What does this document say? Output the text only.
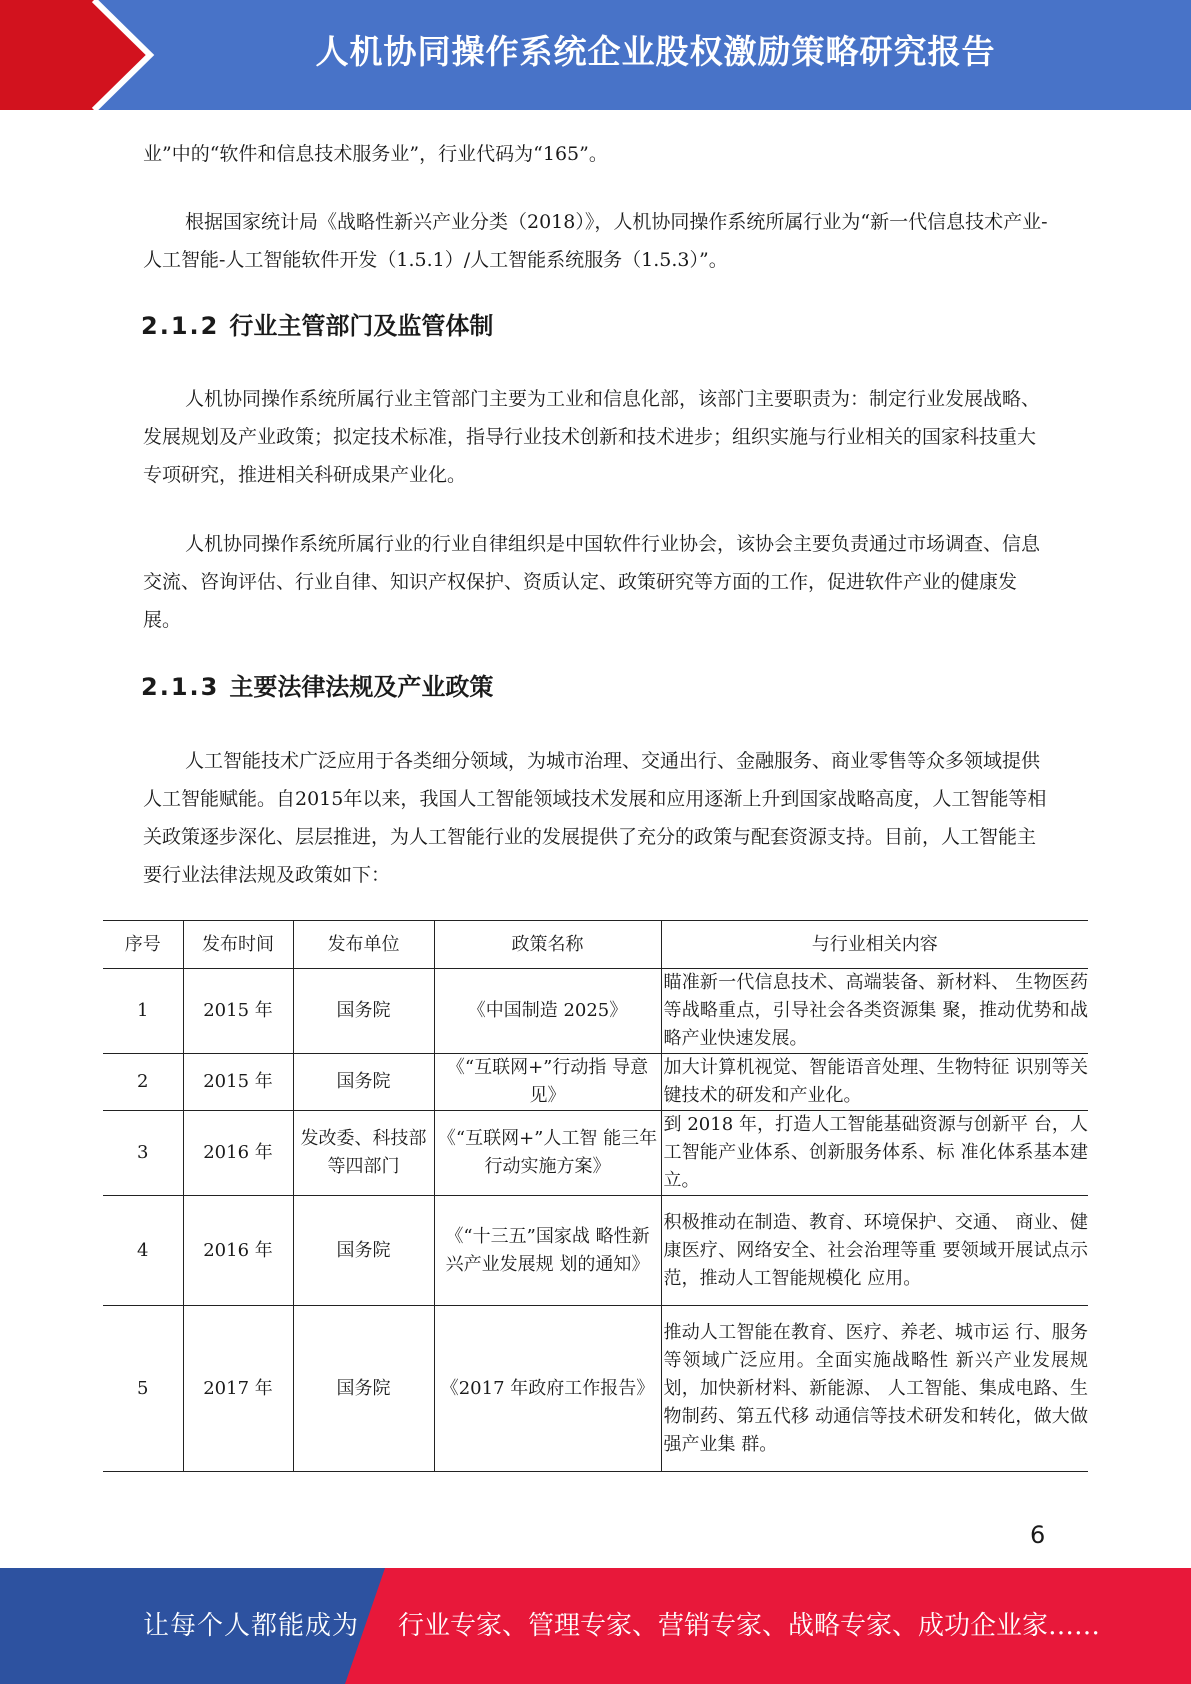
人机协同操作系统企业股权激励策略研究报告

业”中的“软件和信息技术服务业”，行业代码为“165”。

根据国家统计局《战略性新兴产业分类（2018）》，人机协同操作系统所属行业为“新一代信息技术产业-人工智能-人工智能软件开发（1.5.1）/人工智能系统服务（1.5.3）”。

2.1.2 行业主管部门及监管体制

人机协同操作系统所属行业主管部门主要为工业和信息化部，该部门主要职责为：制定行业发展战略、发展规划及产业政策；拟定技术标准，指导行业技术创新和技术进步；组织实施与行业相关的国家科技重大专项研究，推进相关科研成果产业化。

人机协同操作系统所属行业的行业自律组织是中国软件行业协会，该协会主要负责通过市场调查、信息交流、咨询评估、行业自律、知识产权保护、资质认定、政策研究等方面的工作，促进软件产业的健康发展。

2.1.3 主要法律法规及产业政策

人工智能技术广泛应用于各类细分领域，为城市治理、交通出行、金融服务、商业零售等众多领域提供人工智能赋能。自2015年以来，我国人工智能领域技术发展和应用逐渐上升到国家战略高度，人工智能等相关政策逐步深化、层层推进，为人工智能行业的发展提供了充分的政策与配套资源支持。目前，人工智能主要行业法律法规及政策如下：

序号	发布时间	发布单位	政策名称	与行业相关内容
1	2015 年	国务院	《中国制造 2025》	瞄准新一代信息技术、高端装备、新材料、 生物医药等战略重点，引导社会各类资源集 聚，推动优势和战略产业快速发展。
2	2015 年	国务院	《“互联网+”行动指 导意见》	加大计算机视觉、智能语音处理、生物特征 识别等关键技术的研发和产业化。
3	2016 年	发改委、科技部等四部门	《“互联网+”人工智 能三年行动实施方案》	到 2018 年，打造人工智能基础资源与创新平 台，人工智能产业体系、创新服务体系、标 准化体系基本建立。
4	2016 年	国务院	《“十三五”国家战 略性新兴产业发展规 划的通知》	积极推动在制造、教育、环境保护、交通、 商业、健康医疗、网络安全、社会治理等重 要领域开展试点示范，推动人工智能规模化 应用。
5	2017 年	国务院	《2017 年政府工作报告》	推动人工智能在教育、医疗、养老、城市运 行、服务等领域广泛应用。全面实施战略性 新兴产业发展规划，加快新材料、新能源、 人工智能、集成电路、生物制药、第五代移 动通信等技术研发和转化，做大做强产业集 群。
6
让每个人都能成为 行业专家、管理专家、营销专家、战略专家、成功企业家……
